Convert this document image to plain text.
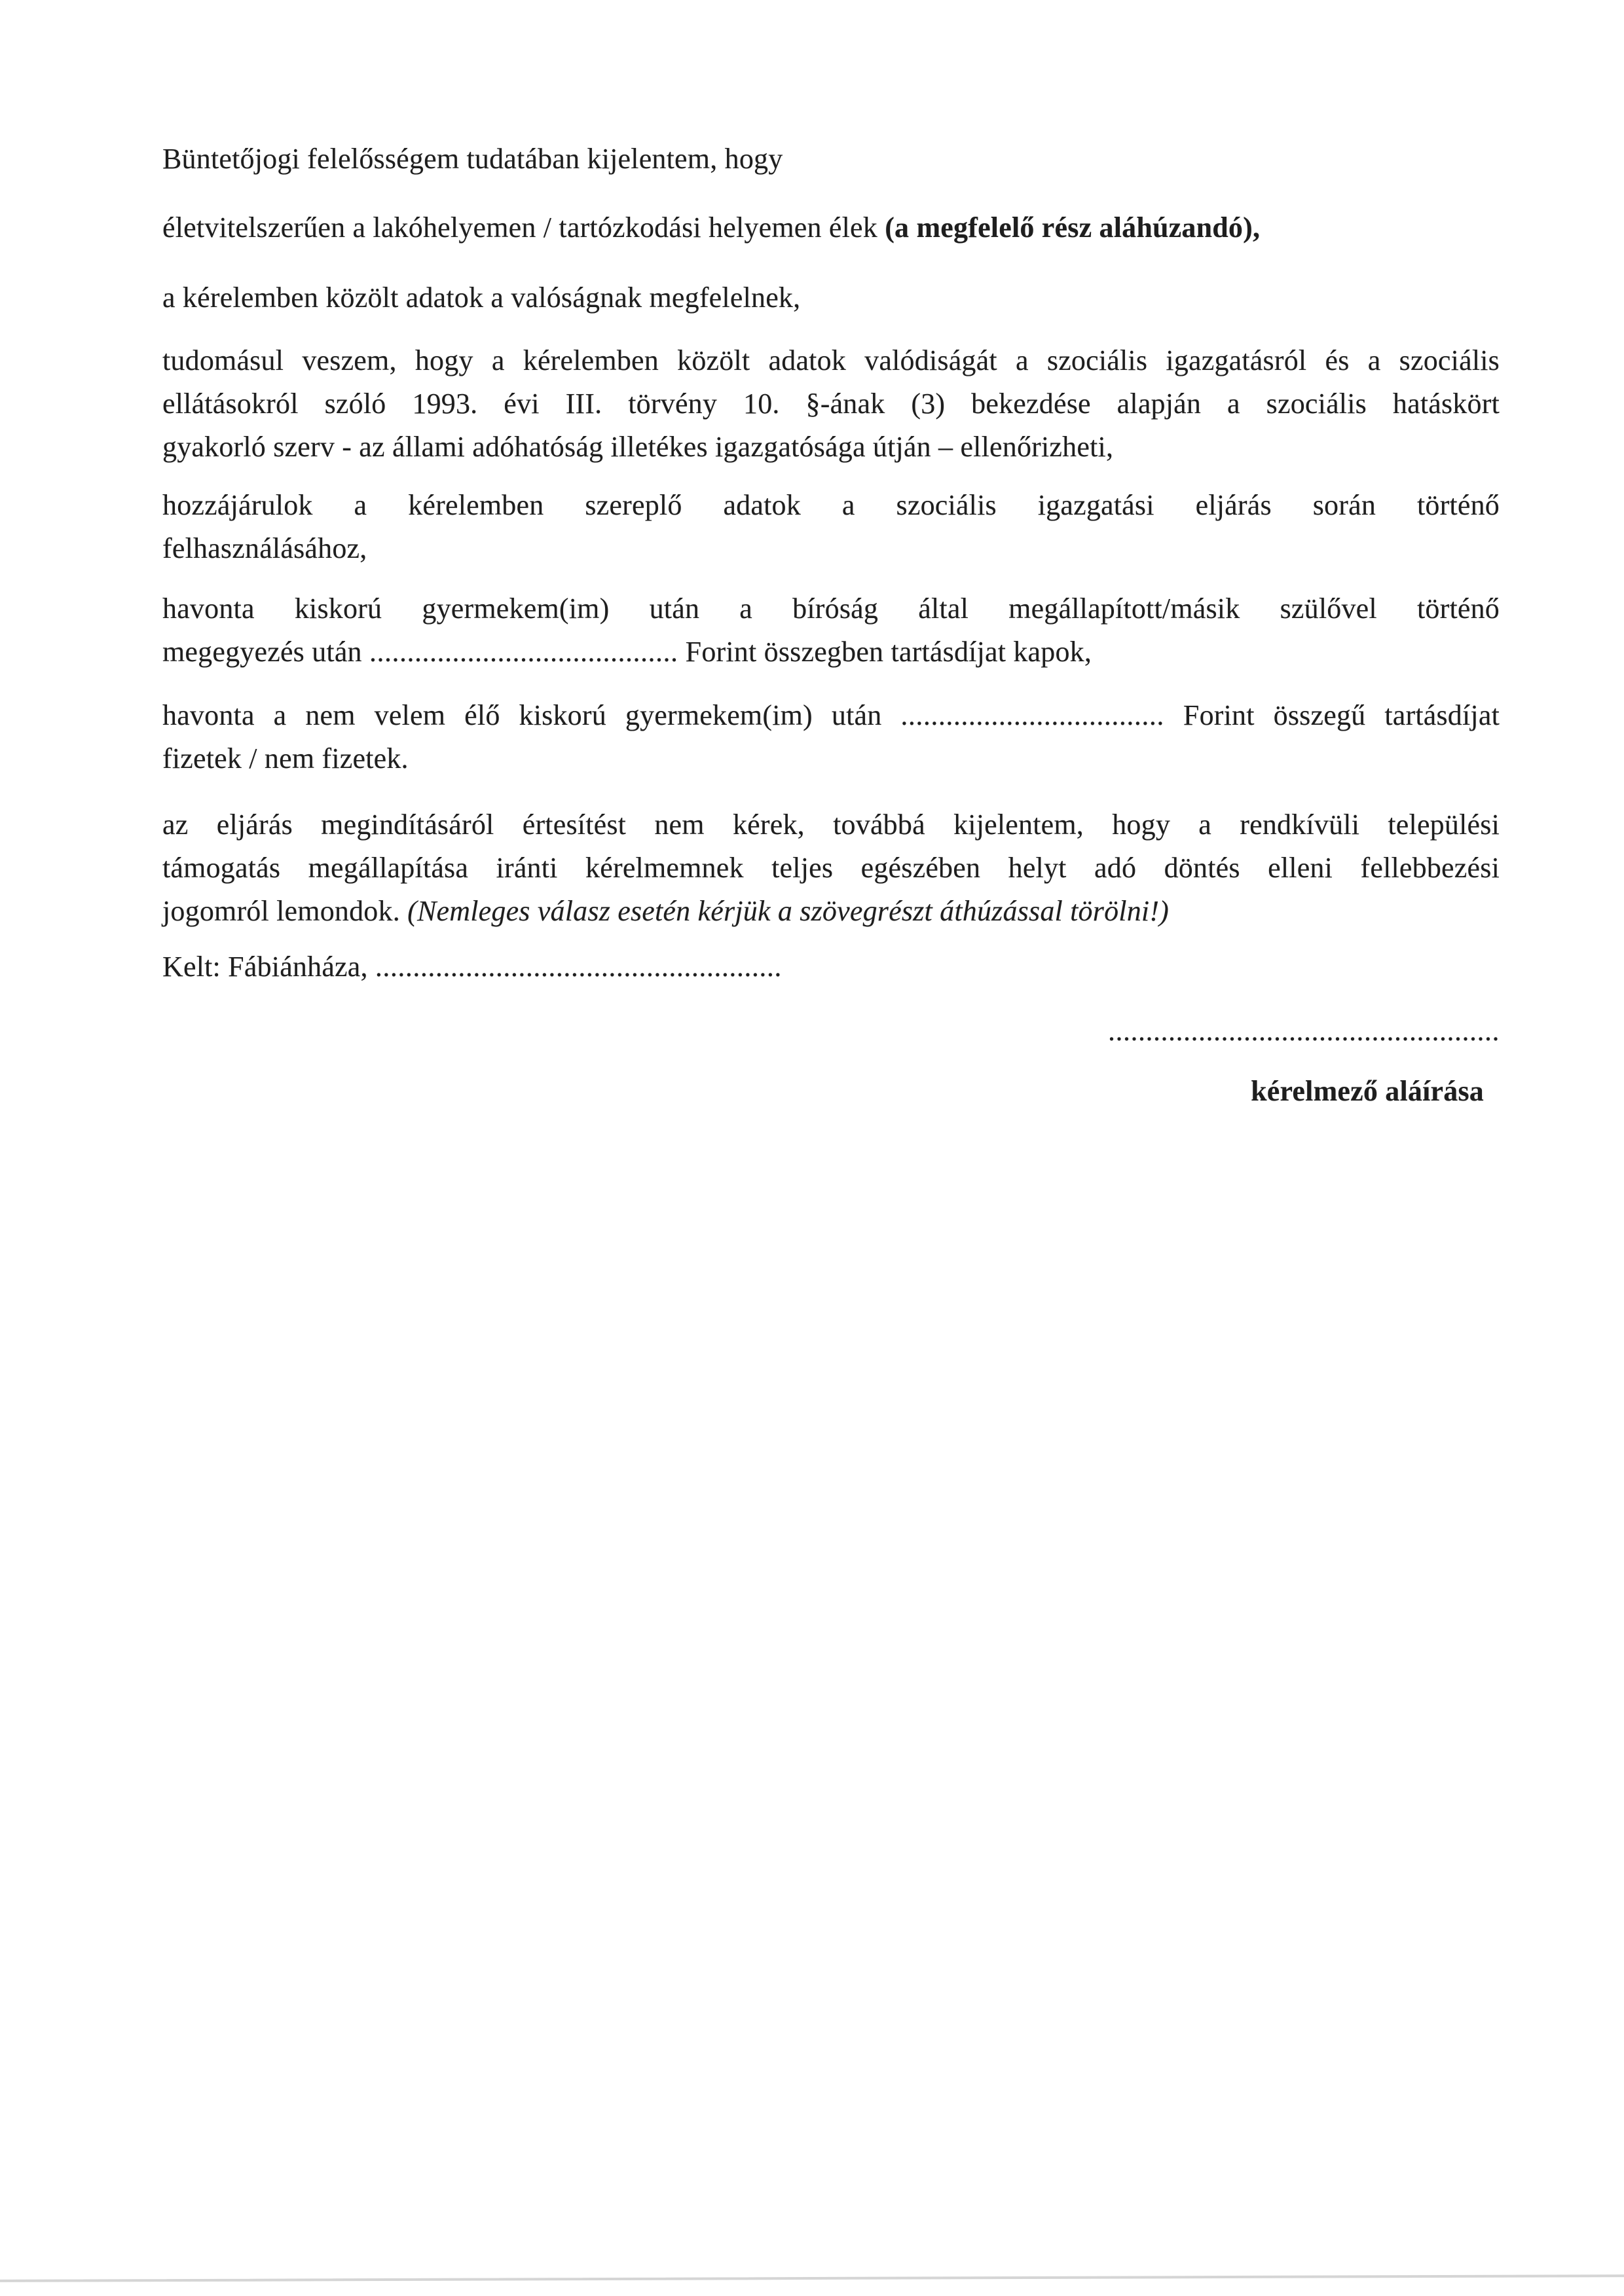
Büntetőjogi felelősségem tudatában kijelentem, hogy
életvitelszerűen a lakóhelyemen / tartózkodási helyemen élek (a megfelelő rész aláhúzandó),
a kérelemben közölt adatok a valóságnak megfelelnek,
tudomásul veszem, hogy a kérelemben közölt adatok valódiságát a szociális igazgatásról és a szociális
ellátásokról szóló 1993. évi III. törvény 10. §-ának (3) bekezdése alapján a szociális hatáskört
gyakorló szerv - az állami adóhatóság illetékes igazgatósága útján – ellenőrizheti,
hozzájárulok a kérelemben szereplő adatok a szociális igazgatási eljárás során történő
felhasználásához,
havonta kiskorú gyermekem(im) után a bíróság által megállapított/másik szülővel történő
megegyezés után ......................................... Forint összegben tartásdíjat kapok,
havonta a nem velem élő kiskorú gyermekem(im) után ................................... Forint összegű tartásdíjat
fizetek / nem fizetek.
az eljárás megindításáról értesítést nem kérek, továbbá kijelentem, hogy a rendkívüli települési
támogatás megállapítása iránti kérelmemnek teljes egészében helyt adó döntés elleni fellebbezési
jogomról lemondok. (Nemleges válasz esetén kérjük a szövegrészt áthúzással törölni!)
Kelt: Fábiánháza, ......................................................
....................................................
kérelmező aláírása
